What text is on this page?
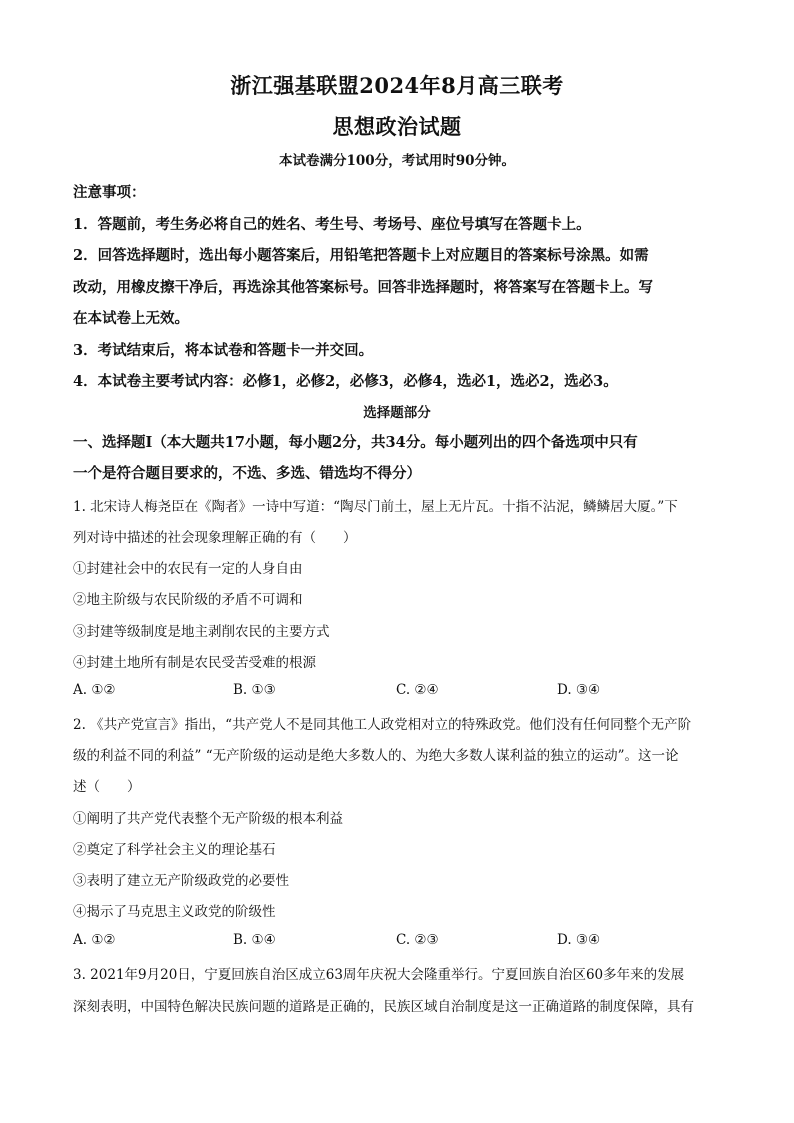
浙江强基联盟2024年8月高三联考
思想政治试题
本试卷满分100分，考试用时90分钟。
注意事项：
1．答题前，考生务必将自己的姓名、考生号、考场号、座位号填写在答题卡上。
2．回答选择题时，选出每小题答案后，用铅笔把答题卡上对应题目的答案标号涂黑。如需
改动，用橡皮擦干净后，再选涂其他答案标号。回答非选择题时，将答案写在答题卡上。写
在本试卷上无效。
3．考试结束后，将本试卷和答题卡一并交回。
4．本试卷主要考试内容：必修1，必修2，必修3，必修4，选必1，选必2，选必3。
选择题部分
一、选择题Ⅰ（本大题共17小题，每小题2分，共34分。每小题列出的四个备选项中只有
一个是符合题目要求的，不选、多选、错选均不得分）
1. 北宋诗人梅尧臣在《陶者》一诗中写道：“陶尽门前土，屋上无片瓦。十指不沾泥，鳞鳞居大厦。”下
列对诗中描述的社会现象理解正确的有（　　）
①封建社会中的农民有一定的人身自由
②地主阶级与农民阶级的矛盾不可调和
③封建等级制度是地主剥削农民的主要方式
④封建土地所有制是农民受苦受难的根源
A. ①②	B. ①③	C. ②④	D. ③④
2. 《共产党宣言》指出，“共产党人不是同其他工人政党相对立的特殊政党。他们没有任何同整个无产阶
级的利益不同的利益” “无产阶级的运动是绝大多数人的、为绝大多数人谋利益的独立的运动”。这一论
述（　　）
①阐明了共产党代表整个无产阶级的根本利益
②奠定了科学社会主义的理论基石
③表明了建立无产阶级政党的必要性
④揭示了马克思主义政党的阶级性
A. ①②	B. ①④	C. ②③	D. ③④
3. 2021年9月20日，宁夏回族自治区成立63周年庆祝大会隆重举行。宁夏回族自治区60多年来的发展
深刻表明，中国特色解决民族问题的道路是正确的，民族区域自治制度是这一正确道路的制度保障，具有
